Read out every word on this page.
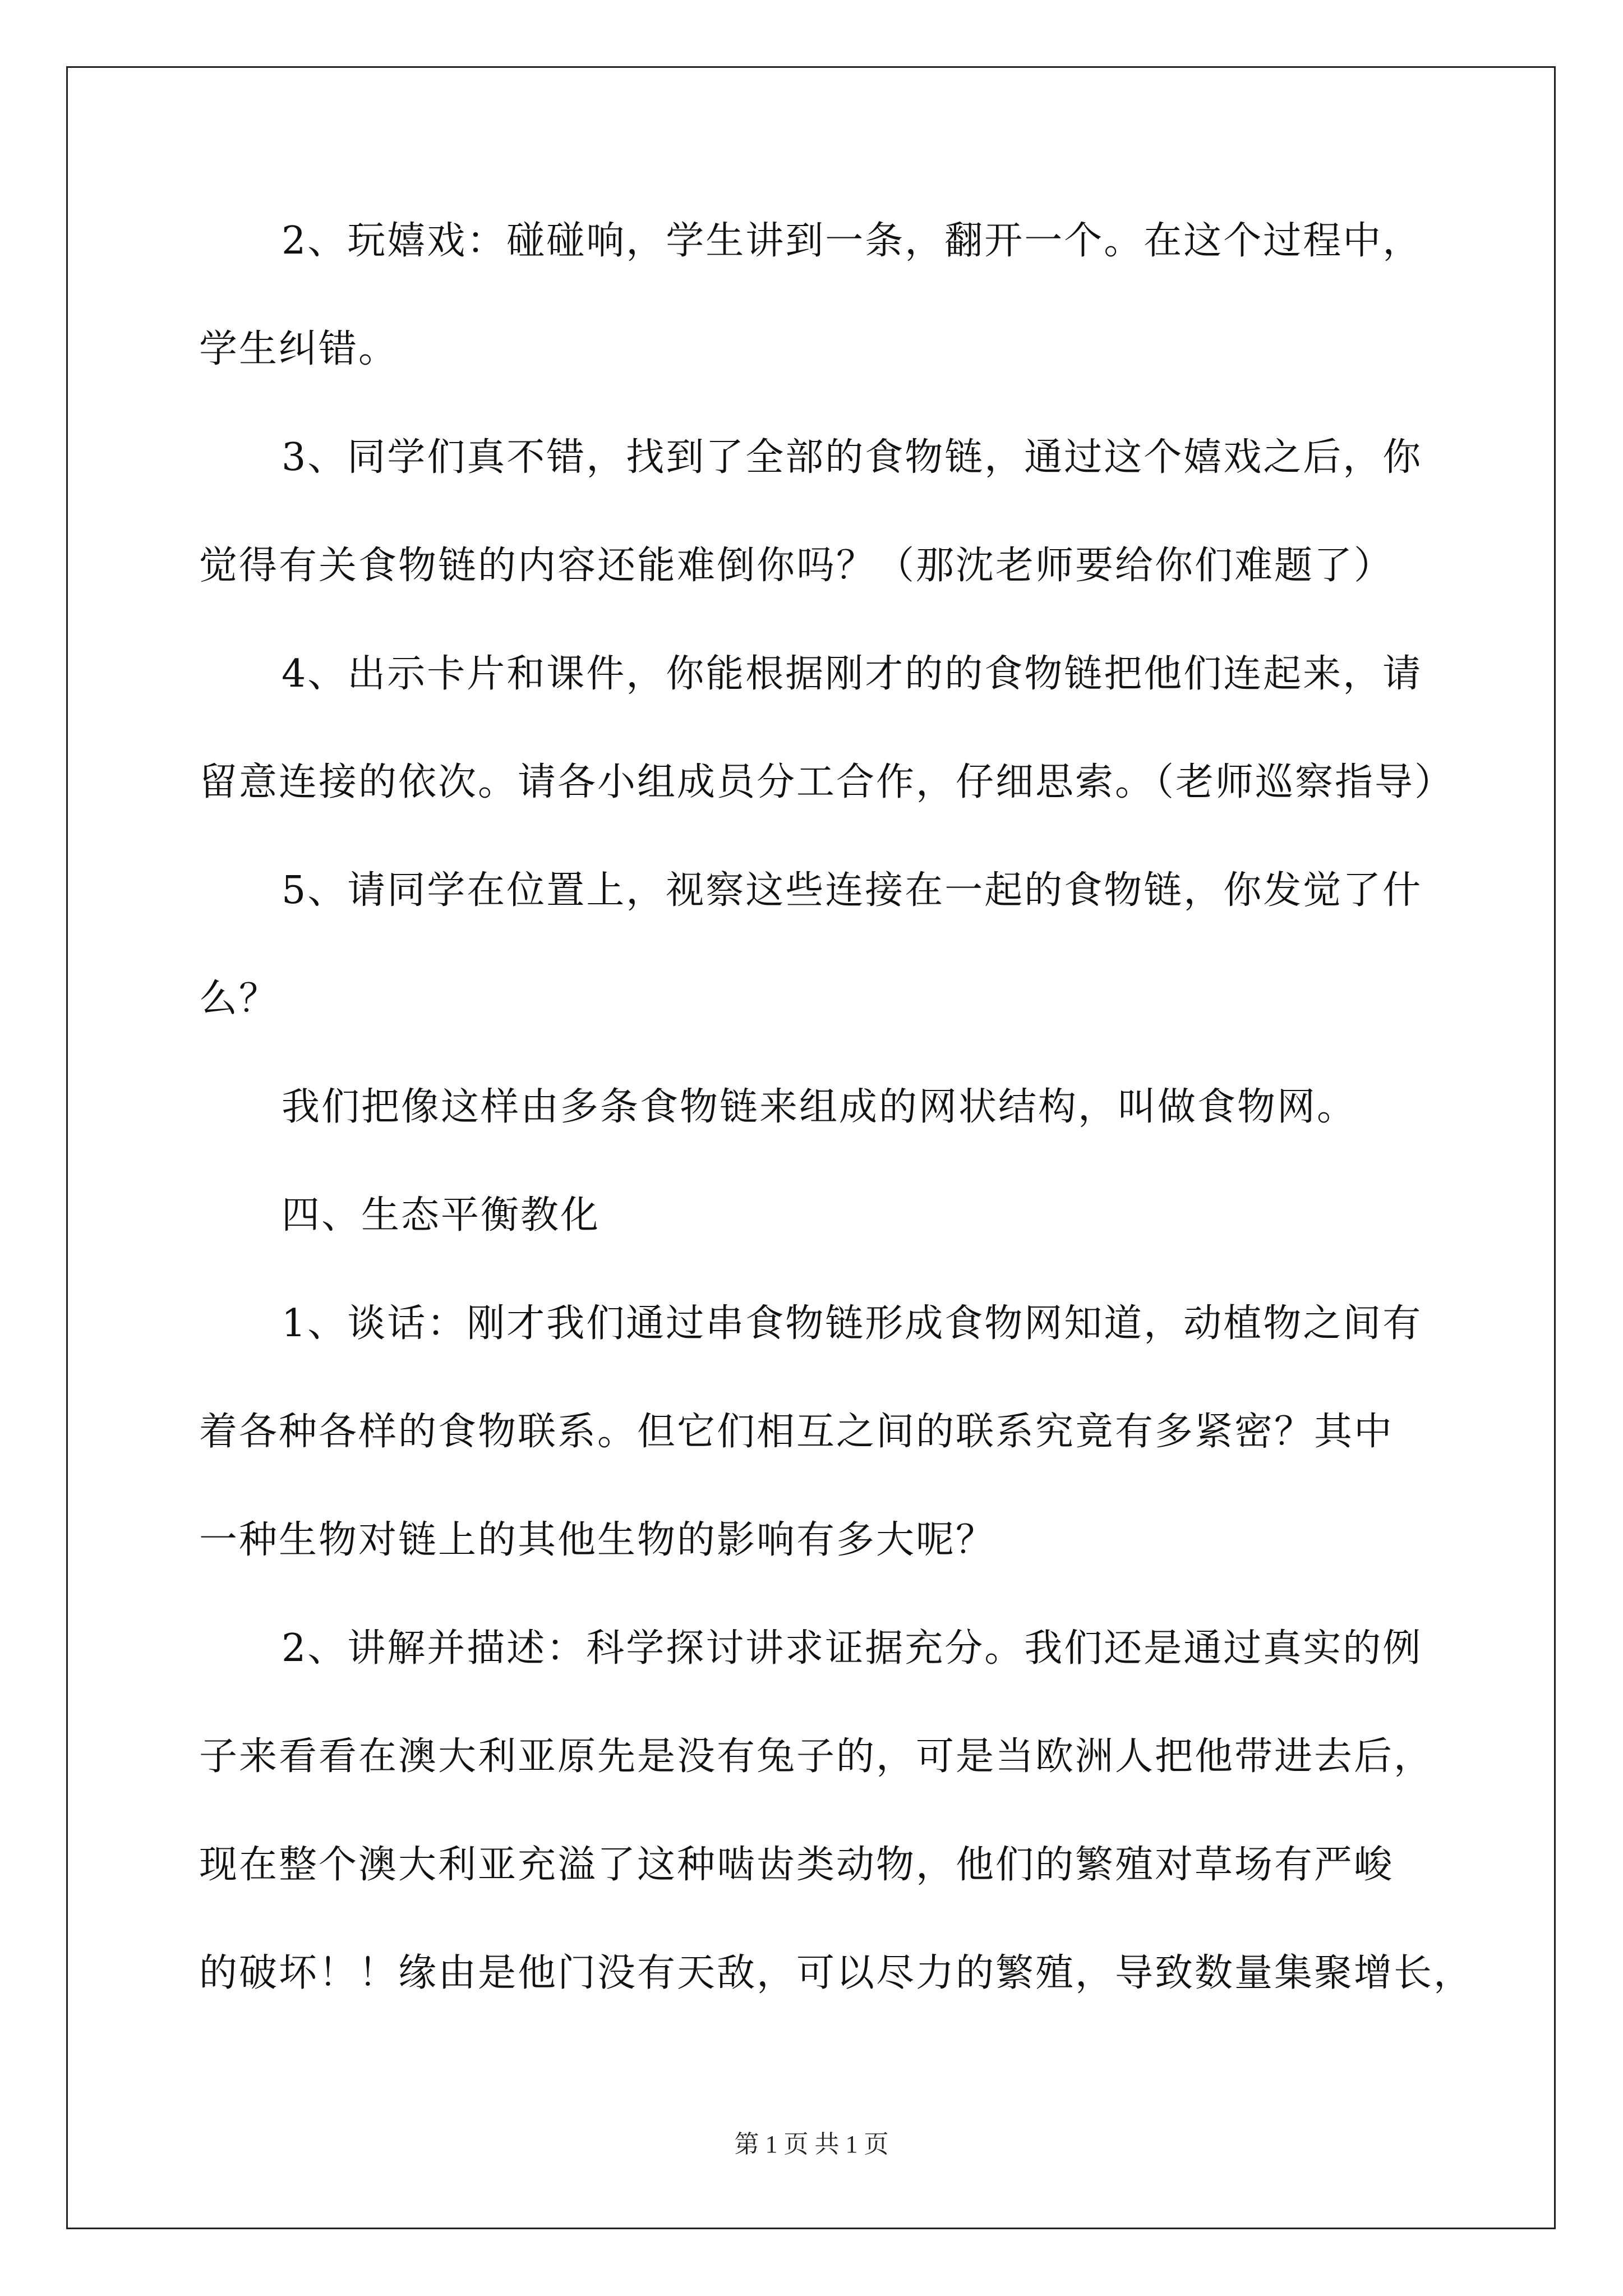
2、玩嬉戏：碰碰响，学生讲到一条，翻开一个。在这个过程中，
学生纠错。
3、同学们真不错，找到了全部的食物链，通过这个嬉戏之后，你
觉得有关食物链的内容还能难倒你吗？（那沈老师要给你们难题了）
4、出示卡片和课件，你能根据刚才的的食物链把他们连起来，请
留意连接的依次。请各小组成员分工合作，仔细思索。（老师巡察指导）
5、请同学在位置上，视察这些连接在一起的食物链，你发觉了什
么？
我们把像这样由多条食物链来组成的网状结构，叫做食物网。
四、生态平衡教化
1、谈话：刚才我们通过串食物链形成食物网知道，动植物之间有
着各种各样的食物联系。但它们相互之间的联系究竟有多紧密？其中
一种生物对链上的其他生物的影响有多大呢？
2、讲解并描述：科学探讨讲求证据充分。我们还是通过真实的例
子来看看在澳大利亚原先是没有兔子的，可是当欧洲人把他带进去后，
现在整个澳大利亚充溢了这种啮齿类动物，他们的繁殖对草场有严峻
的破坏！！缘由是他门没有天敌，可以尽力的繁殖，导致数量集聚增长，
第 1 页 共 1 页
